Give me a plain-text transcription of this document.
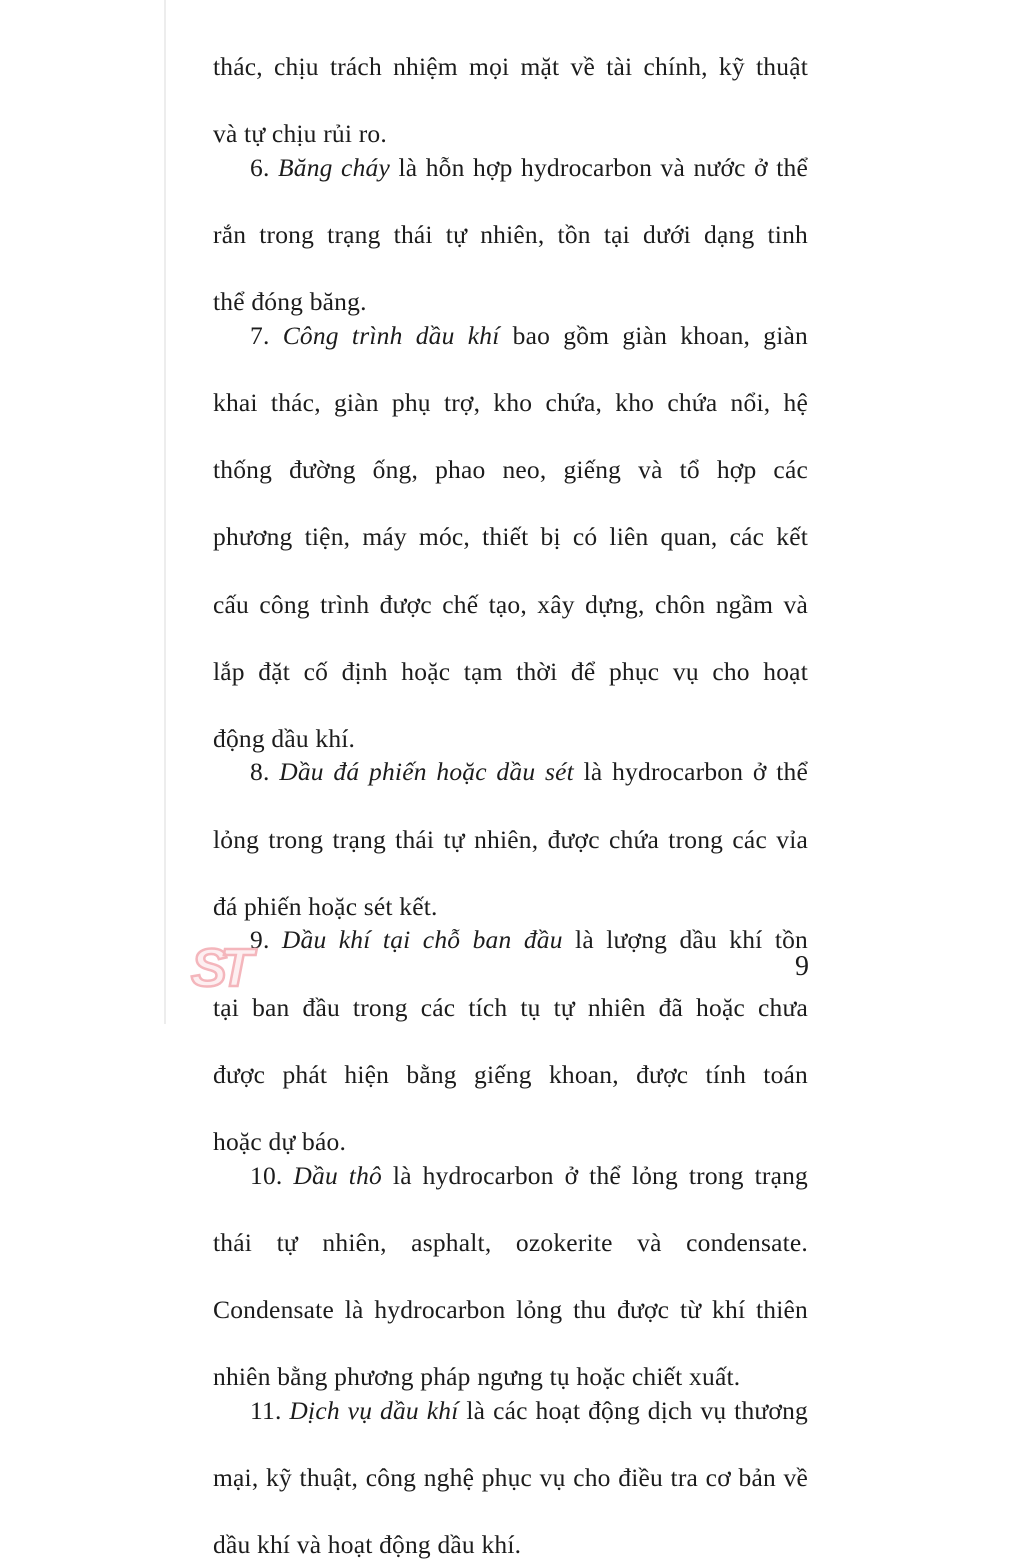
thác, chịu trách nhiệm mọi mặt về tài chính, kỹ thuật
và tự chịu rủi ro.
6. Băng cháy là hỗn hợp hydrocarbon và nước ở thể
rắn trong trạng thái tự nhiên, tồn tại dưới dạng tinh
thể đóng băng.
7. Công trình dầu khí bao gồm giàn khoan, giàn
khai thác, giàn phụ trợ, kho chứa, kho chứa nổi, hệ
thống đường ống, phao neo, giếng và tổ hợp các
phương tiện, máy móc, thiết bị có liên quan, các kết
cấu công trình được chế tạo, xây dựng, chôn ngầm và
lắp đặt cố định hoặc tạm thời để phục vụ cho hoạt
động dầu khí.
8. Dầu đá phiến hoặc dầu sét là hydrocarbon ở thể
lỏng trong trạng thái tự nhiên, được chứa trong các vỉa
đá phiến hoặc sét kết.
9. Dầu khí tại chỗ ban đầu là lượng dầu khí tồn
tại ban đầu trong các tích tụ tự nhiên đã hoặc chưa
được phát hiện bằng giếng khoan, được tính toán
hoặc dự báo.
10. Dầu thô là hydrocarbon ở thể lỏng trong trạng
thái tự nhiên, asphalt, ozokerite và condensate.
Condensate là hydrocarbon lỏng thu được từ khí thiên
nhiên bằng phương pháp ngưng tụ hoặc chiết xuất.
11. Dịch vụ dầu khí là các hoạt động dịch vụ thương
mại, kỹ thuật, công nghệ phục vụ cho điều tra cơ bản về
dầu khí và hoạt động dầu khí.
ST	9
